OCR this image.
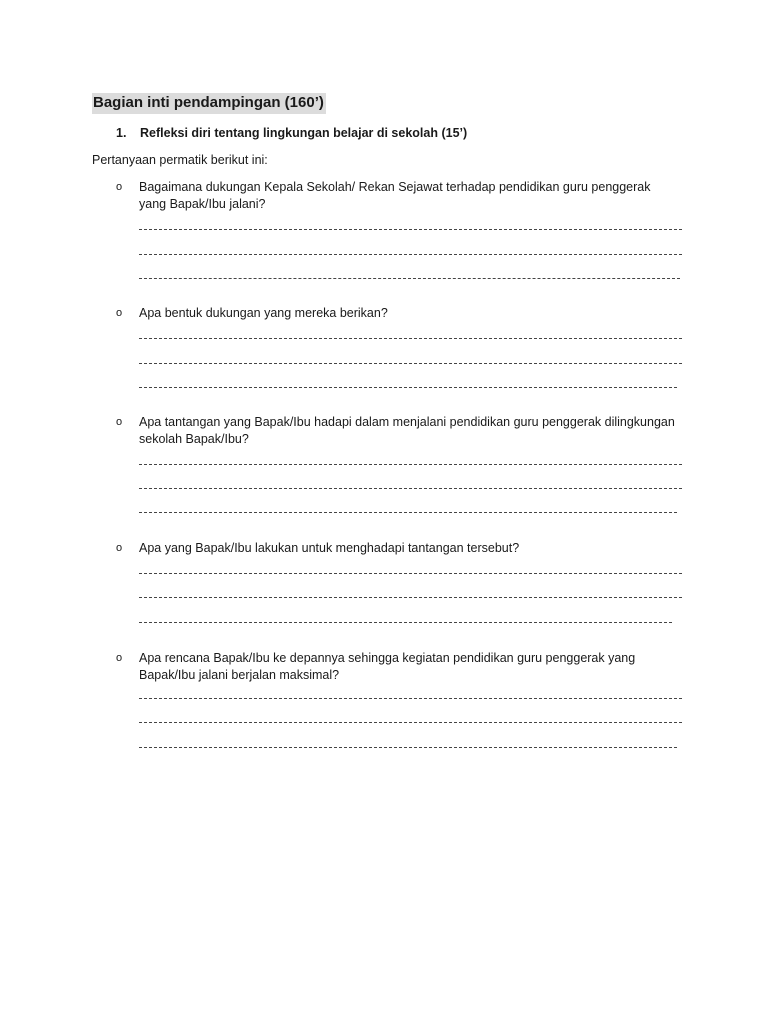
Bagian inti pendampingan (160’)
1. Refleksi diri tentang lingkungan belajar di sekolah (15’)
Pertanyaan permatik berikut ini:
o Bagaimana dukungan Kepala Sekolah/ Rekan Sejawat terhadap pendidikan guru penggerak yang Bapak/Ibu jalani?
o Apa bentuk dukungan yang mereka berikan?
o Apa tantangan yang Bapak/Ibu hadapi dalam menjalani pendidikan guru penggerak dilingkungan sekolah Bapak/Ibu?
o Apa yang Bapak/Ibu lakukan untuk menghadapi tantangan tersebut?
o Apa rencana Bapak/Ibu ke depannya sehingga kegiatan pendidikan guru penggerak yang Bapak/Ibu jalani berjalan maksimal?
